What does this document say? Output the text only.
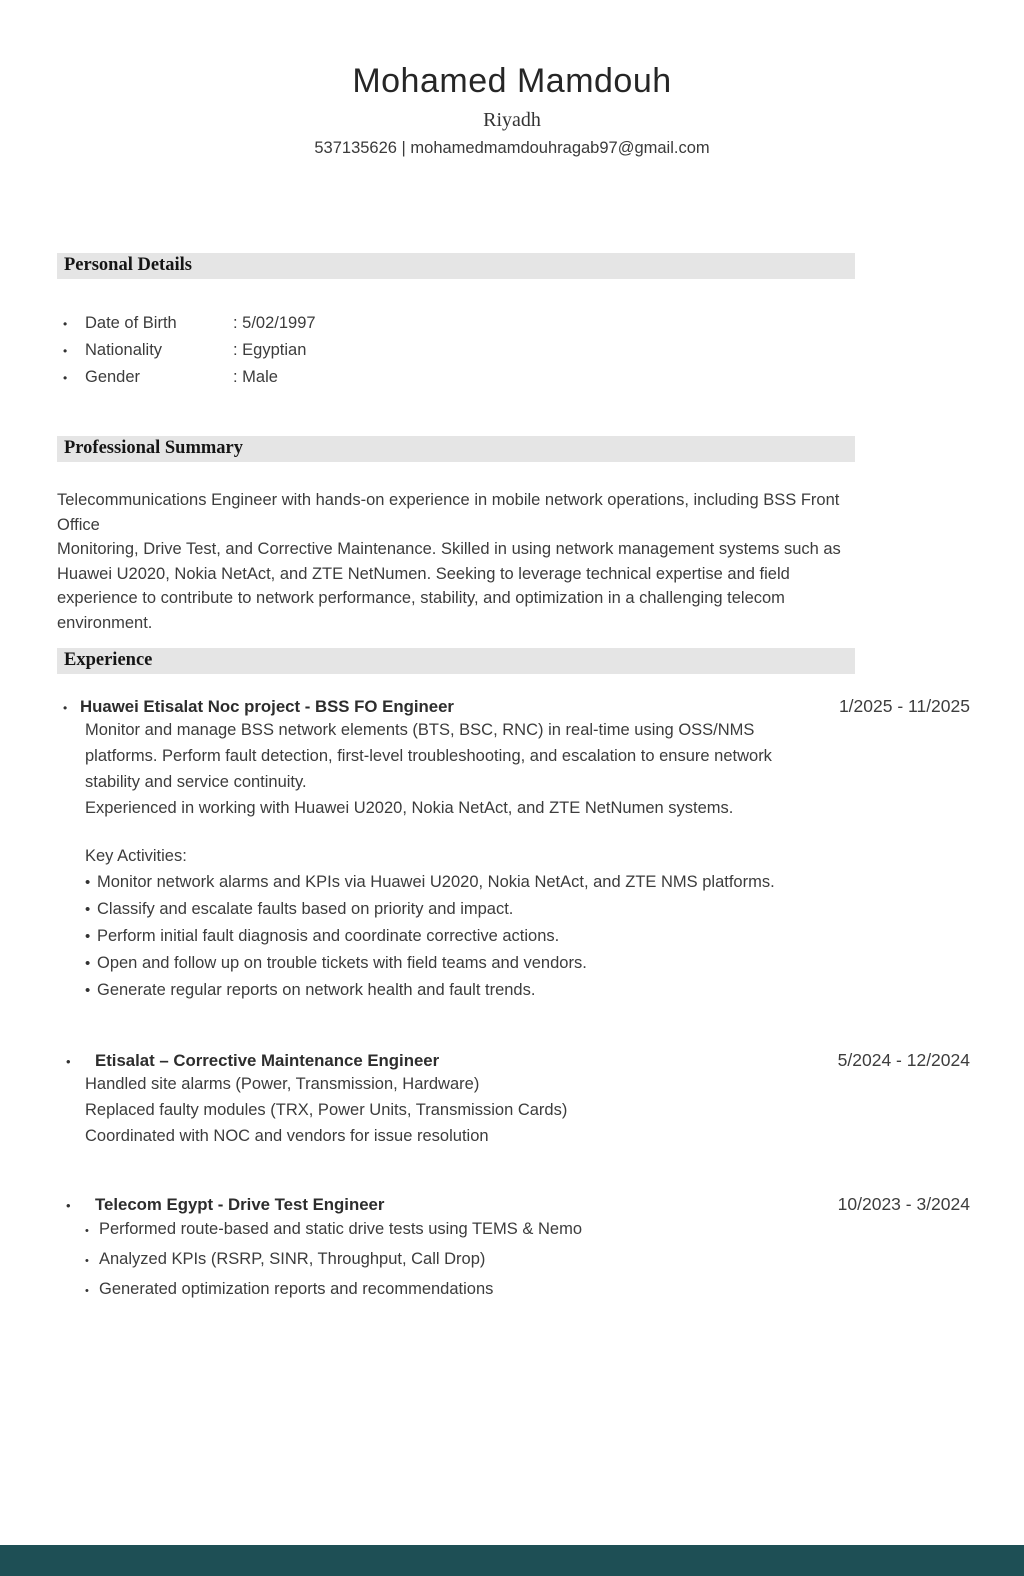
Mohamed Mamdouh
Riyadh
537135626 | mohamedmamdouhragab97@gmail.com
Personal Details
•	Date of Birth	: 5/02/1997
•	Nationality	: Egyptian
•	Gender	: Male
Professional Summary

Telecommunications Engineer with hands-on experience in mobile network operations, including BSS Front Office

Monitoring, Drive Test, and Corrective Maintenance. Skilled in using network management systems such as Huawei U2020, Nokia NetAct, and ZTE NetNumen. Seeking to leverage technical expertise and field experience to contribute to network performance, stability, and optimization in a challenging telecom environment.

Experience
• Huawei Etisalat Noc project - BSS FO Engineer	1/2025 - 11/2025
Monitor and manage BSS network elements (BTS, BSC, RNC) in real-time using OSS/NMS platforms. Perform fault detection, first-level troubleshooting, and escalation to ensure network stability and service continuity.
Experienced in working with Huawei U2020, Nokia NetAct, and ZTE NetNumen systems.
Key Activities:
• Monitor network alarms and KPIs via Huawei U2020, Nokia NetAct, and ZTE NMS platforms.
• Classify and escalate faults based on priority and impact.
• Perform initial fault diagnosis and coordinate corrective actions.
• Open and follow up on trouble tickets with field teams and vendors.
• Generate regular reports on network health and fault trends.
•	Etisalat – Corrective Maintenance Engineer	5/2024 - 12/2024
Handled site alarms (Power, Transmission, Hardware)
Replaced faulty modules (TRX, Power Units, Transmission Cards)
Coordinated with NOC and vendors for issue resolution
•	Telecom Egypt - Drive Test Engineer	10/2023 - 3/2024
• Performed route-based and static drive tests using TEMS & Nemo
• Analyzed KPIs (RSRP, SINR, Throughput, Call Drop)
• Generated optimization reports and recommendations
